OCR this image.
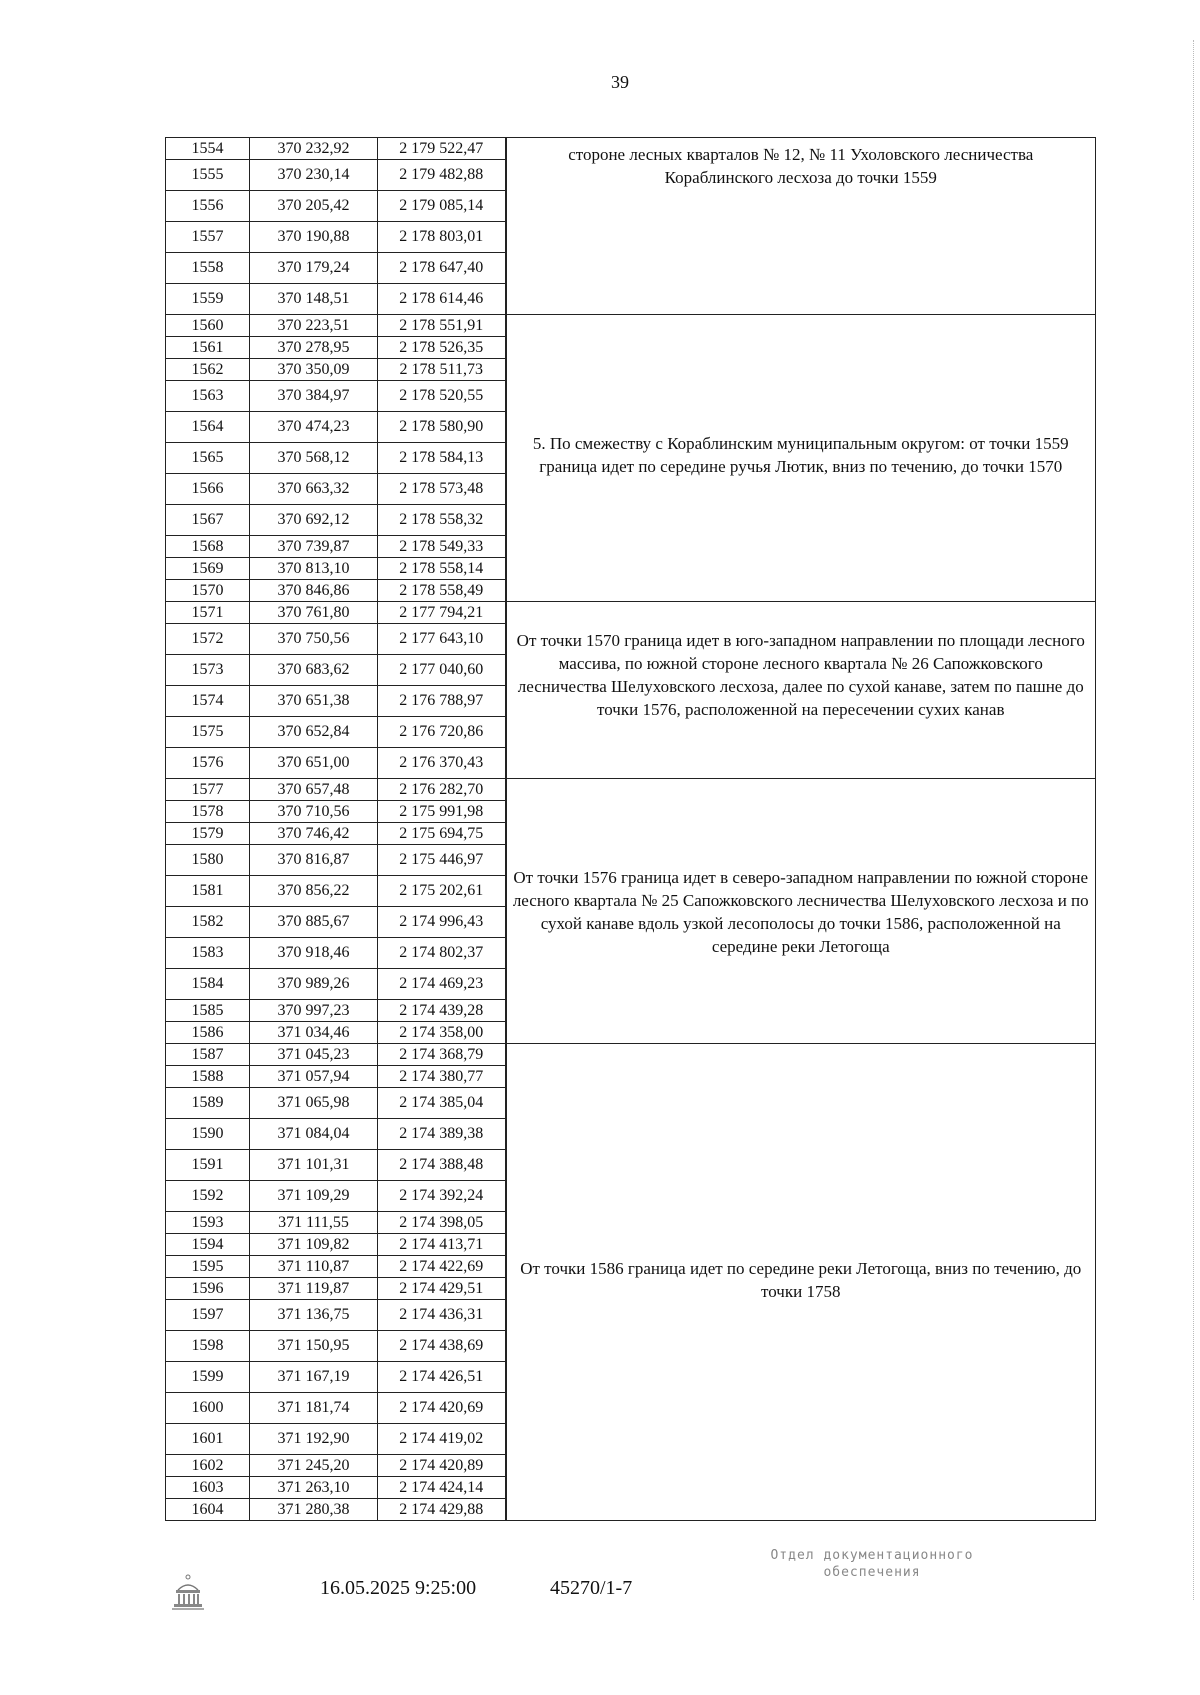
39
1554	370 232,92	2 179 522,47	стороне лесных кварталов № 12, № 11 Ухоловского лесничества Кораблинского лесхоза до точки 1559

1555	370 230,14	2 179 482,88	
1556	370 205,42	2 179 085,14	
1557	370 190,88	2 178 803,01	
1558	370 179,24	2 178 647,40	
1559	370 148,51	2 178 614,46	
1560	370 223,51	2 178 551,91	5. По смежеству с Кораблинским муниципальным округом: от точки 1559 граница идет по середине ручья Лютик, вниз по течению, до точки 1570

1561	370 278,95	2 178 526,35	
1562	370 350,09	2 178 511,73	
1563	370 384,97	2 178 520,55	
1564	370 474,23	2 178 580,90	
1565	370 568,12	2 178 584,13	
1566	370 663,32	2 178 573,48	
1567	370 692,12	2 178 558,32	
1568	370 739,87	2 178 549,33	
1569	370 813,10	2 178 558,14	
1570	370 846,86	2 178 558,49	
1571	370 761,80	2 177 794,21	От точки 1570 граница идет в юго-западном направлении по площади лесного массива, по южной стороне лесного квартала № 26 Сапожковского лесничества Шелуховского лесхоза, далее по сухой канаве, затем по пашне до точки 1576, расположенной на пересечении сухих канав

1572	370 750,56	2 177 643,10	
1573	370 683,62	2 177 040,60	
1574	370 651,38	2 176 788,97	
1575	370 652,84	2 176 720,86	
1576	370 651,00	2 176 370,43	
1577	370 657,48	2 176 282,70	От точки 1576 граница идет в северо-западном направлении по южной стороне лесного квартала № 25 Сапожковского лесничества Шелуховского лесхоза и по сухой канаве вдоль узкой лесополосы до точки 1586, расположенной на середине реки Летогоща

1578	370 710,56	2 175 991,98	
1579	370 746,42	2 175 694,75	
1580	370 816,87	2 175 446,97	
1581	370 856,22	2 175 202,61	
1582	370 885,67	2 174 996,43	
1583	370 918,46	2 174 802,37	
1584	370 989,26	2 174 469,23	
1585	370 997,23	2 174 439,28	
1586	371 034,46	2 174 358,00	
1587	371 045,23	2 174 368,79	От точки 1586 граница идет по середине реки Летогоща, вниз по течению, до точки 1758

1588	371 057,94	2 174 380,77	
1589	371 065,98	2 174 385,04	
1590	371 084,04	2 174 389,38	
1591	371 101,31	2 174 388,48	
1592	371 109,29	2 174 392,24	
1593	371 111,55	2 174 398,05	
1594	371 109,82	2 174 413,71	
1595	371 110,87	2 174 422,69	
1596	371 119,87	2 174 429,51	
1597	371 136,75	2 174 436,31	
1598	371 150,95	2 174 438,69	
1599	371 167,19	2 174 426,51	
1600	371 181,74	2 174 420,69	
1601	371 192,90	2 174 419,02	
1602	371 245,20	2 174 420,89	
1603	371 263,10	2 174 424,14	
1604	371 280,38	2 174 429,88	
16.05.2025 9:25:00	45270/1-7
Отдел документационного
обеспечения
